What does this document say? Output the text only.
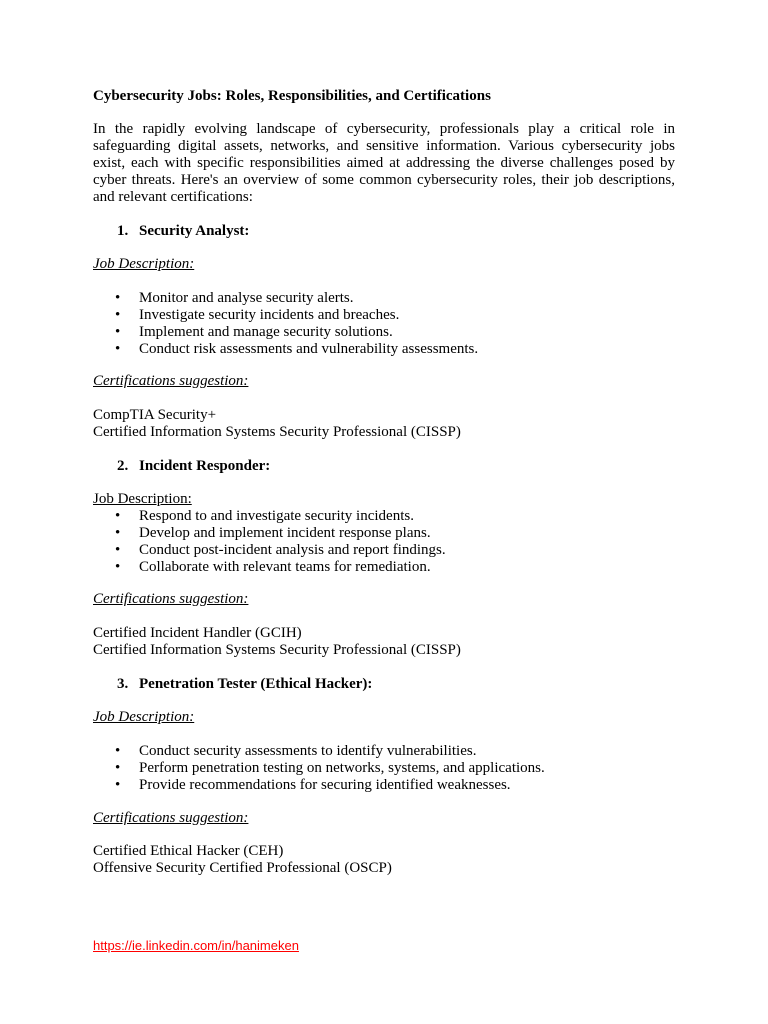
Cybersecurity Jobs: Roles, Responsibilities, and Certifications

In the rapidly evolving landscape of cybersecurity, professionals play a critical role in safeguarding digital assets, networks, and sensitive information. Various cybersecurity jobs exist, each with specific responsibilities aimed at addressing the diverse challenges posed by cyber threats. Here's an overview of some common cybersecurity roles, their job descriptions, and relevant certifications:

1. Security Analyst:

Job Description:

• Monitor and analyse security alerts.
• Investigate security incidents and breaches.
• Implement and manage security solutions.
• Conduct risk assessments and vulnerability assessments.

Certifications suggestion:

CompTIA Security+
Certified Information Systems Security Professional (CISSP)

2. Incident Responder:

Job Description:

• Respond to and investigate security incidents.
• Develop and implement incident response plans.
• Conduct post-incident analysis and report findings.
• Collaborate with relevant teams for remediation.

Certifications suggestion:

Certified Incident Handler (GCIH)
Certified Information Systems Security Professional (CISSP)

3. Penetration Tester (Ethical Hacker):

Job Description:

• Conduct security assessments to identify vulnerabilities.
• Perform penetration testing on networks, systems, and applications.
• Provide recommendations for securing identified weaknesses.

Certifications suggestion:

Certified Ethical Hacker (CEH)
Offensive Security Certified Professional (OSCP)
https://ie.linkedin.com/in/hanimeken
